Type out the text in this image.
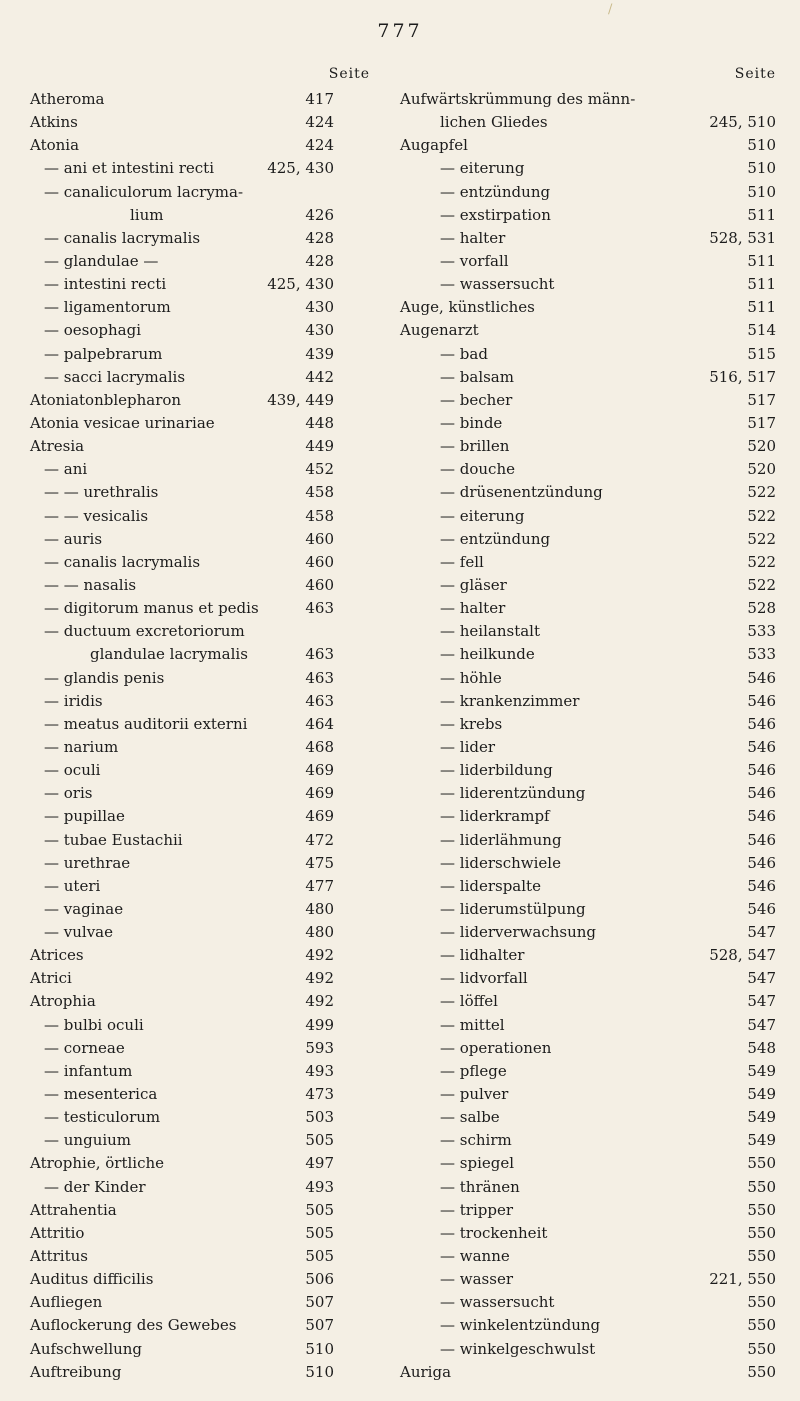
/
777
Seite
Atheroma	417
Atkins	424
Atonia	424
— ani et intestini recti	425, 430
— canaliculorum lacryma-
lium	426
— canalis lacrymalis	428
— glandulae —	428
— intestini recti	425, 430
— ligamentorum	430
— oesophagi	430
— palpebrarum	439
— sacci lacrymalis	442
Atoniatonblepharon	439, 449
Atonia vesicae urinariae	448
Atresia	449
— ani	452
— — urethralis	458
— — vesicalis	458
— auris	460
— canalis lacrymalis	460
— — nasalis	460
— digitorum manus et pedis	463
— ductuum excretoriorum
glandulae lacrymalis	463
— glandis penis	463
— iridis	463
— meatus auditorii externi	464
— narium	468
— oculi	469
— oris	469
— pupillae	469
— tubae Eustachii	472
— urethrae	475
— uteri	477
— vaginae	480
— vulvae	480
Atrices	492
Atrici	492
Atrophia	492
— bulbi oculi	499
— corneae	593
— infantum	493
— mesenterica	473
— testiculorum	503
— unguium	505
Atrophie, örtliche	497
— der Kinder	493
Attrahentia	505
Attritio	505
Attritus	505
Auditus difficilis	506
Aufliegen	507
Auflockerung des Gewebes	507
Aufschwellung	510
Auftreibung	510
Seite
Aufwärtskrümmung des männ-
lichen Gliedes	245, 510
Augapfel	510
— eiterung	510
— entzündung	510
— exstirpation	511
— halter	528, 531
— vorfall	511
— wassersucht	511
Auge, künstliches	511
Augenarzt	514
— bad	515
— balsam	516, 517
— becher	517
— binde	517
— brillen	520
— douche	520
— drüsenentzündung	522
— eiterung	522
— entzündung	522
— fell	522
— gläser	522
— halter	528
— heilanstalt	533
— heilkunde	533
— höhle	546
— krankenzimmer	546
— krebs	546
— lider	546
— liderbildung	546
— liderentzündung	546
— liderkrampf	546
— liderlähmung	546
— liderschwiele	546
— liderspalte	546
— liderumstülpung	546
— liderverwachsung	547
— lidhalter	528, 547
— lidvorfall	547
— löffel	547
— mittel	547
— operationen	548
— pflege	549
— pulver	549
— salbe	549
— schirm	549
— spiegel	550
— thränen	550
— tripper	550
— trockenheit	550
— wanne	550
— wasser	221, 550
— wassersucht	550
— winkelentzündung	550
— winkelgeschwulst	550
Auriga	550
